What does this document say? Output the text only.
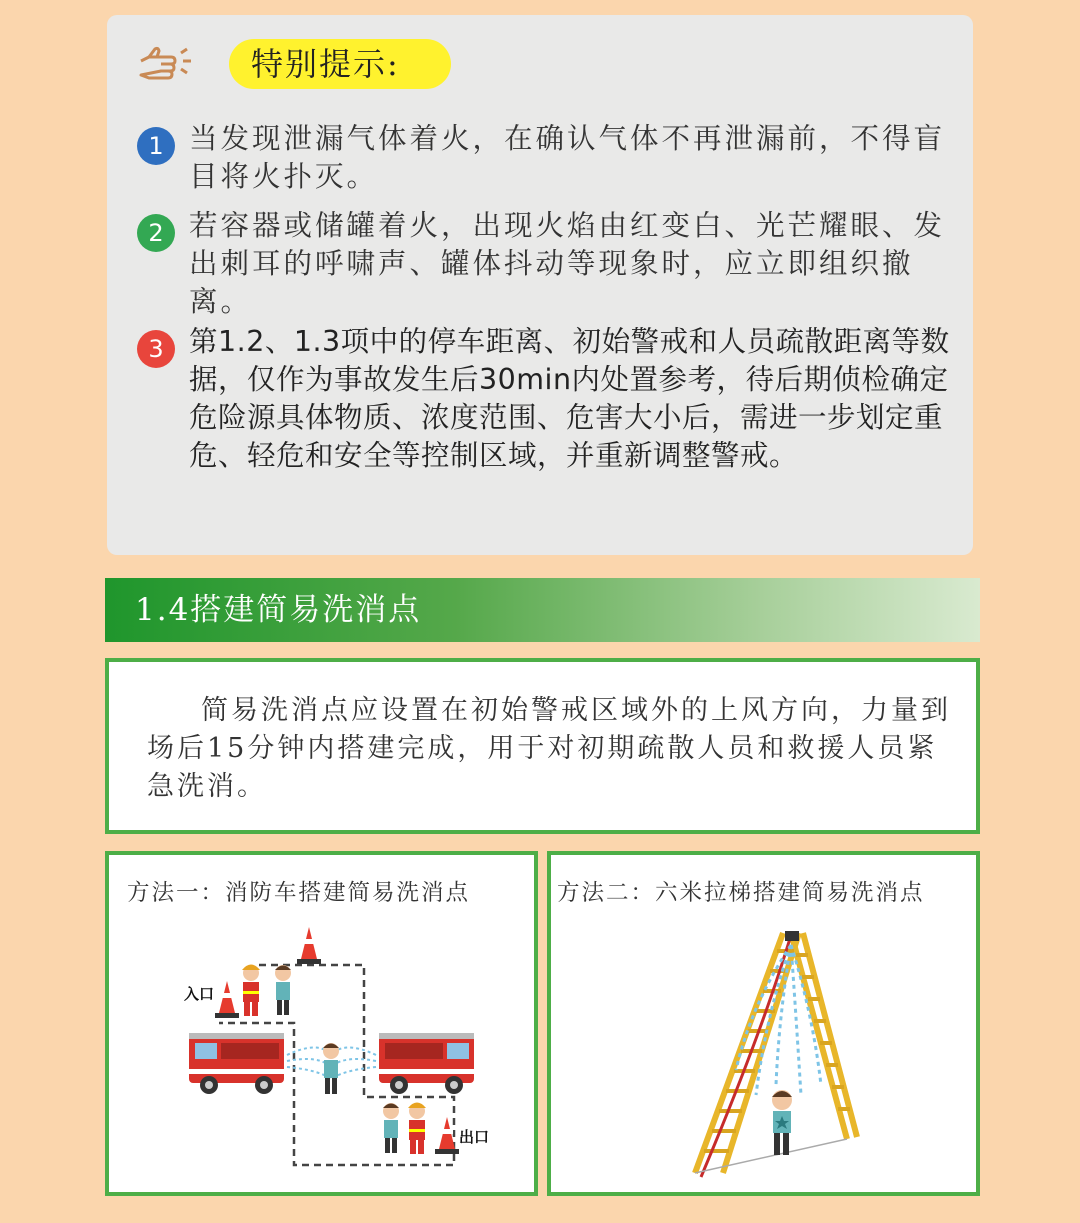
特别提示:
1 当发现泄漏气体着火，在确认气体不再泄漏前，不得盲目将火扑灭。
2 若容器或储罐着火，出现火焰由红变白、光芒耀眼、发出刺耳的呼啸声、罐体抖动等现象时，应立即组织撤离。
3 第1.2、1.3项中的停车距离、初始警戒和人员疏散距离等数据，仅作为事故发生后30min内处置参考，待后期侦检确定危险源具体物质、浓度范围、危害大小后，需进一步划定重危、轻危和安全等控制区域，并重新调整警戒。
1.4搭建简易洗消点

简易洗消点应设置在初始警戒区域外的上风方向，力量到场后15分钟内搭建完成，用于对初期疏散人员和救援人员紧急洗消。

方法一：消防车搭建简易洗消点
入口
出口
方法二：六米拉梯搭建简易洗消点
